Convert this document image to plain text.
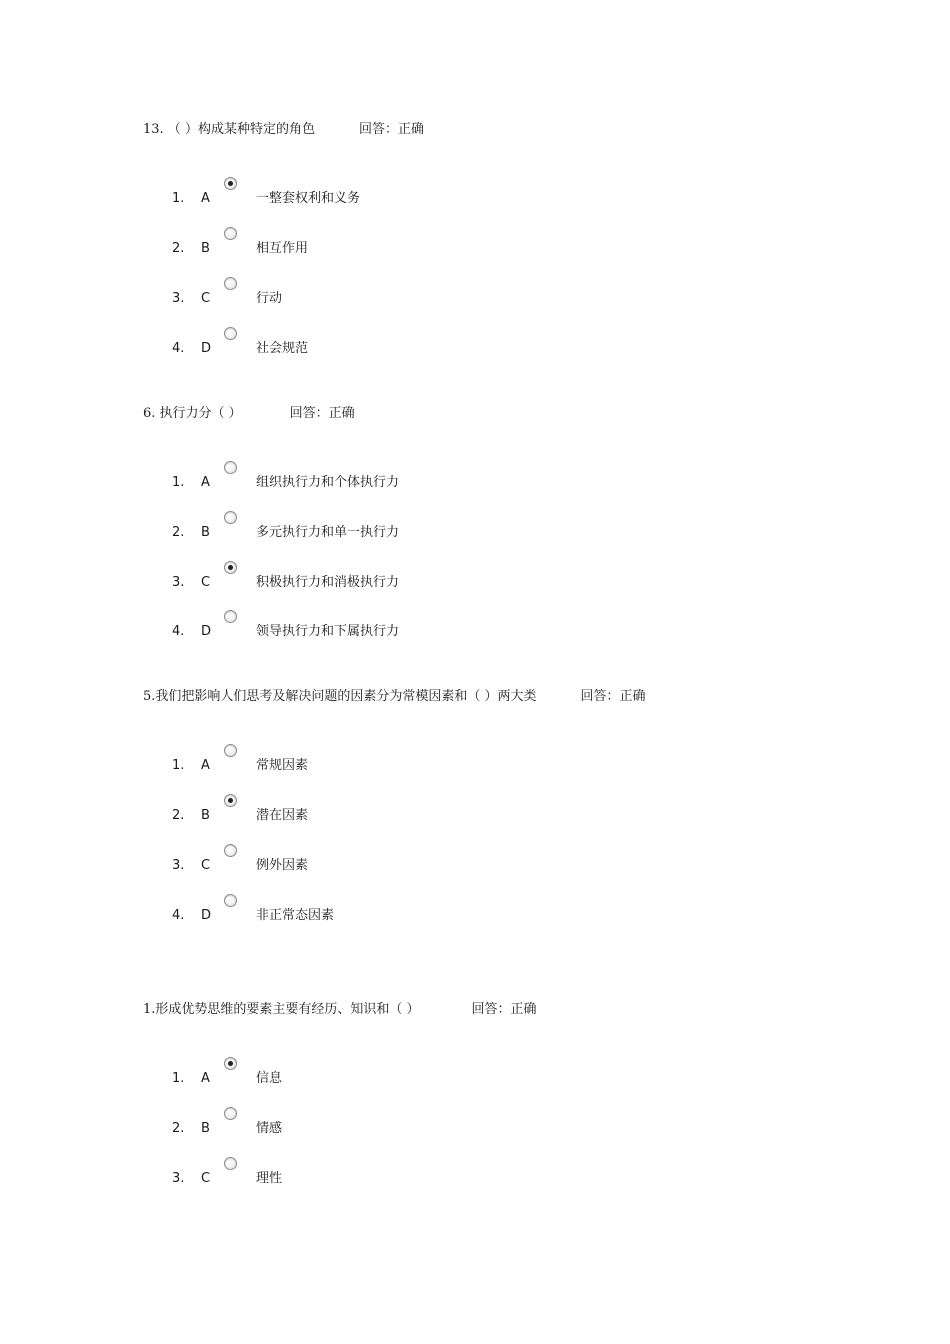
13. （ ）构成某种特定的角色	回答：正确
1. A	一整套权利和义务
2. B	相互作用
3. C	行动
4. D	社会规范
6. 执行力分（ ）	回答：正确
1. A	组织执行力和个体执行力
2. B	多元执行力和单一执行力
3. C	积极执行力和消极执行力
4. D	领导执行力和下属执行力
5.我们把影响人们思考及解决问题的因素分为常模因素和（ ）两大类	回答：正确
1. A	常规因素
2. B	潜在因素
3. C	例外因素
4. D	非正常态因素
1.形成优势思维的要素主要有经历、知识和（ ）	回答：正确
1. A	信息
2. B	情感
3. C	理性
